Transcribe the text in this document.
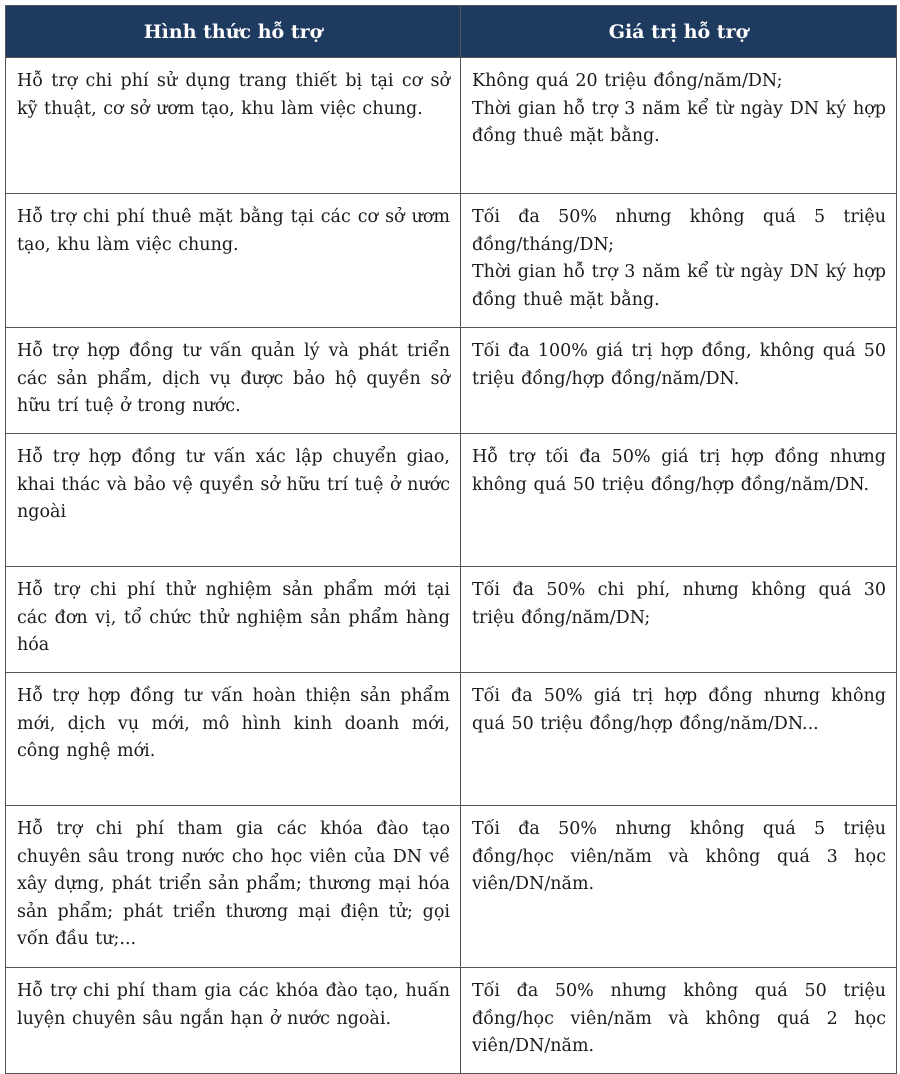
Hình thức hỗ trợ	Giá trị hỗ trợ
Hỗ trợ chi phí sử dụng trang thiết bị tại cơ sở kỹ thuật, cơ sở ươm tạo, khu làm việc chung.	Không quá 20 triệu đồng/năm/DN;
Thời gian hỗ trợ 3 năm kể từ ngày DN ký hợp đồng thuê mặt bằng.

Hỗ trợ chi phí thuê mặt bằng tại các cơ sở ươm tạo, khu làm việc chung.	Tối đa 50% nhưng không quá 5 triệu đồng/tháng/DN;
Thời gian hỗ trợ 3 năm kể từ ngày DN ký hợp đồng thuê mặt bằng.

Hỗ trợ hợp đồng tư vấn quản lý và phát triển các sản phẩm, dịch vụ được bảo hộ quyền sở hữu trí tuệ ở trong nước.	Tối đa 100% giá trị hợp đồng, không quá 50 triệu đồng/hợp đồng/năm/DN.

Hỗ trợ hợp đồng tư vấn xác lập chuyển giao, khai thác và bảo vệ quyền sở hữu trí tuệ ở nước ngoài	Hỗ trợ tối đa 50% giá trị hợp đồng nhưng không quá 50 triệu đồng/hợp đồng/năm/DN.

Hỗ trợ chi phí thử nghiệm sản phẩm mới tại các đơn vị, tổ chức thử nghiệm sản phẩm hàng hóa	Tối đa 50% chi phí, nhưng không quá 30 triệu đồng/năm/DN;

Hỗ trợ hợp đồng tư vấn hoàn thiện sản phẩm mới, dịch vụ mới, mô hình kinh doanh mới, công nghệ mới.	Tối đa 50% giá trị hợp đồng nhưng không quá 50 triệu đồng/hợp đồng/năm/DN...

Hỗ trợ chi phí tham gia các khóa đào tạo chuyên sâu trong nước cho học viên của DN về xây dựng, phát triển sản phẩm; thương mại hóa sản phẩm; phát triển thương mại điện tử; gọi vốn đầu tư;...	Tối đa 50% nhưng không quá 5 triệu đồng/học viên/năm và không quá 3 học viên/DN/năm.

Hỗ trợ chi phí tham gia các khóa đào tạo, huấn luyện chuyên sâu ngắn hạn ở nước ngoài.	Tối đa 50% nhưng không quá 50 triệu đồng/học viên/năm và không quá 2 học viên/DN/năm.
